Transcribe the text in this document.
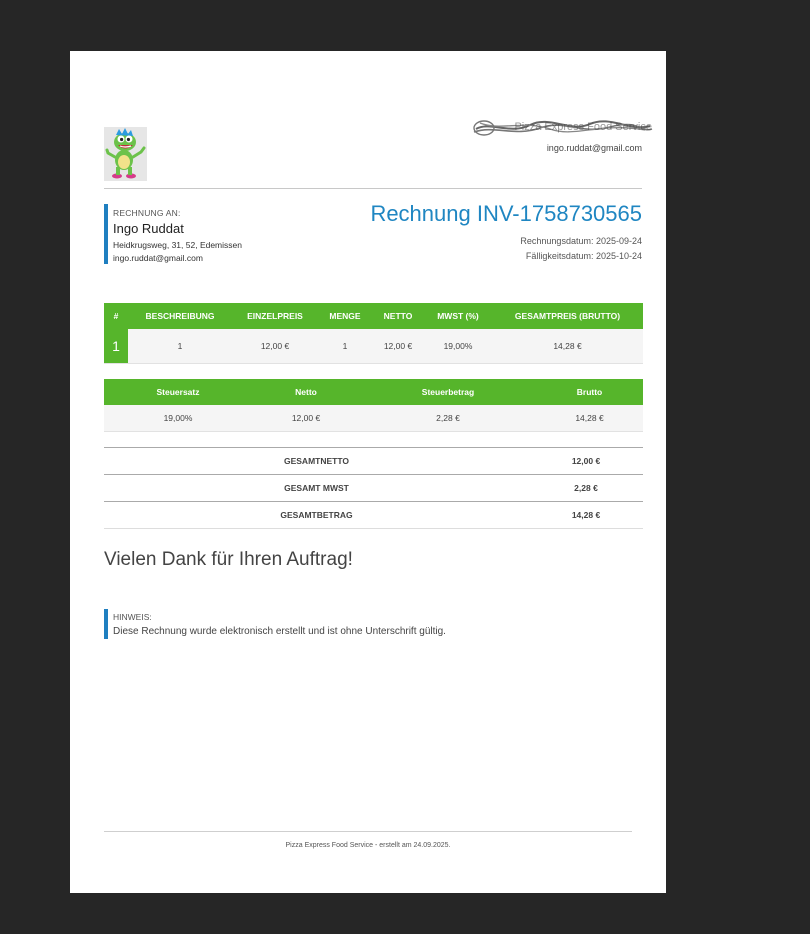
Pizza Express Food Service
ingo.ruddat@gmail.com
RECHNUNG AN:
Ingo Ruddat
Heidkrugsweg, 31, 52, Edemissen
ingo.ruddat@gmail.com
Rechnung INV-1758730565
Rechnungsdatum: 2025-09-24
Fälligkeitsdatum: 2025-10-24
#	BESCHREIBUNG	EINZELPREIS	MENGE	NETTO	MWST (%)	GESAMTPREIS (BRUTTO)
1	1	12,00 €	1	12,00 €	19,00%	14,28 €
Steuersatz	Netto	Steuerbetrag	Brutto
19,00%	12,00 €	2,28 €	14,28 €
GESAMTNETTO	12,00 €
GESAMT MWST	2,28 €
GESAMTBETRAG	14,28 €
Vielen Dank für Ihren Auftrag!
HINWEIS:
Diese Rechnung wurde elektronisch erstellt und ist ohne Unterschrift gültig.
Pizza Express Food Service - erstellt am 24.09.2025.
